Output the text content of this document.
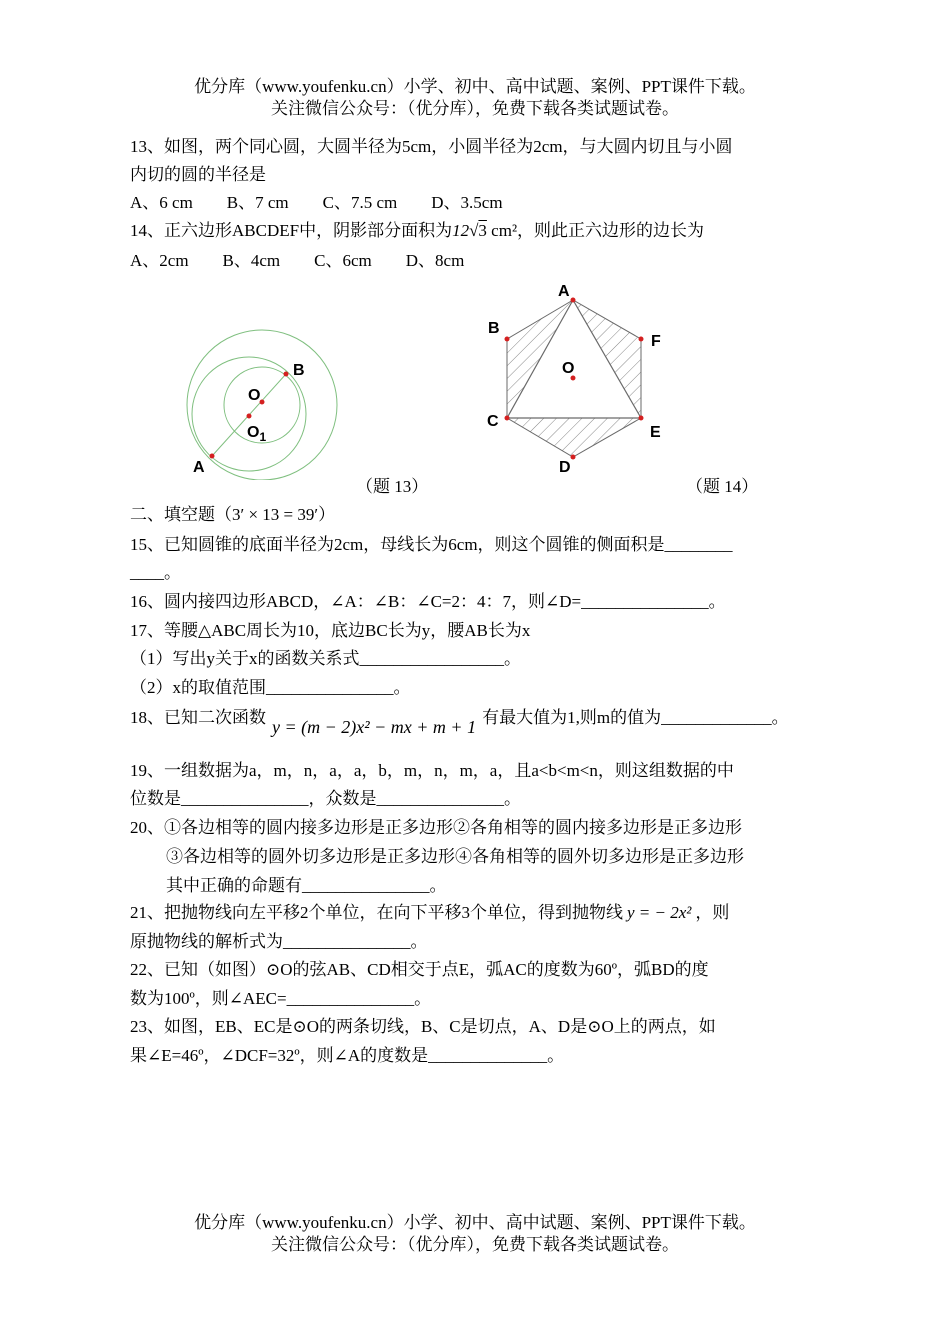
优分库（www.youfenku.cn）小学、初中、高中试题、案例、PPT课件下载。
关注微信公众号：（优分库），免费下载各类试题试卷。
13、如图，两个同心圆，大圆半径为5cm，小圆半径为2cm，与大圆内切且与小圆
内切的圆的半径是
A、6 cm　　B、7 cm　　C、7.5 cm　　D、3.5cm
14、正六边形ABCDEF中，阴影部分面积为12√3 cm²，则此正六边形的边长为
A、2cm　　B、4cm　　C、6cm　　D、8cm
A
B
O
$O_1$
（题 13）
A
B
C
D
E
F
O
（题 14）
二、填空题（3′ × 13 = 39′）
15、已知圆锥的底面半径为2cm，母线长为6cm，则这个圆锥的侧面积是________
____。
16、圆内接四边形ABCD，∠A：∠B：∠C=2：4：7，则∠D=_______________。
17、等腰△ABC周长为10，底边BC长为y，腰AB长为x
（1）写出y关于x的函数关系式_________________。
（2）x的取值范围_______________。
18、已知二次函数 y = (m − 2)x² − mx + m + 1 有最大值为1,则m的值为_____________。
19、一组数据为a，m，n，a，a，b，m，n，m，a，且a<b<m<n，则这组数据的中
位数是_______________，众数是_______________。
20、①各边相等的圆内接多边形是正多边形②各角相等的圆内接多边形是正多边形
③各边相等的圆外切多边形是正多边形④各角相等的圆外切多边形是正多边形
其中正确的命题有_______________。
21、把抛物线向左平移2个单位，在向下平移3个单位，得到抛物线 y = − 2x² ，则
原抛物线的解析式为_______________。
22、已知（如图）⊙O的弦AB、CD相交于点E，弧AC的度数为60º，弧BD的度
数为100º，则∠AEC=_______________。
23、如图，EB、EC是⊙O的两条切线，B、C是切点，A、D是⊙O上的两点，如
果∠E=46º，∠DCF=32º，则∠A的度数是______________。
优分库（www.youfenku.cn）小学、初中、高中试题、案例、PPT课件下载。
关注微信公众号：（优分库），免费下载各类试题试卷。
